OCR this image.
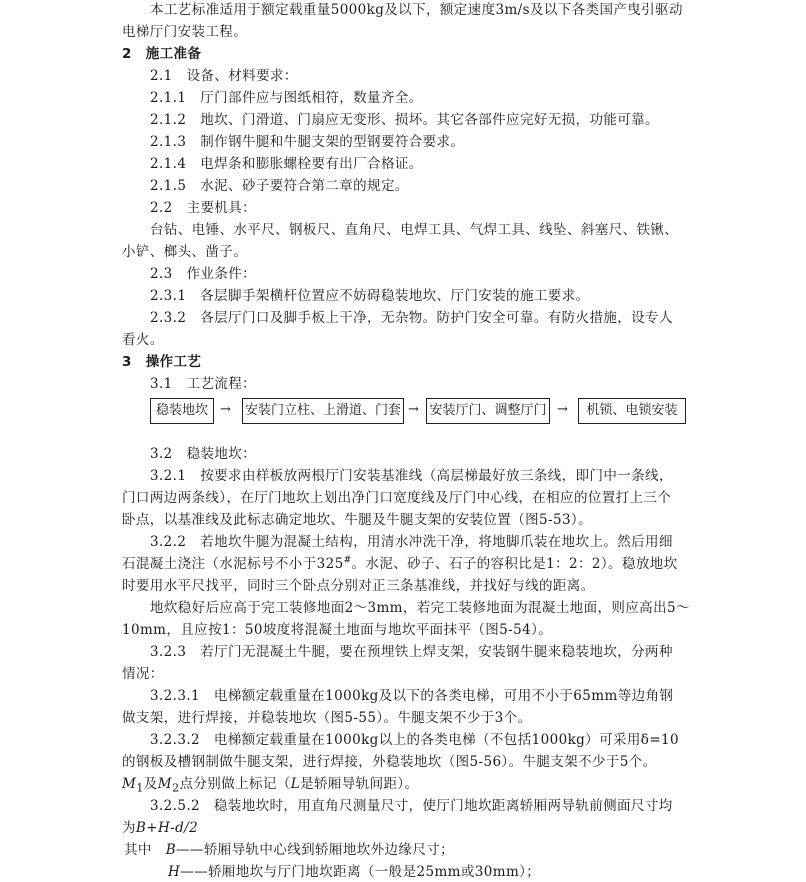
本工艺标准适用于额定载重量5000kg及以下，额定速度3m/s及以下各类国产曳引驱动
电梯厅门安装工程。
2　施工准备
2.1　设备、材料要求：
2.1.1　厅门部件应与图纸相符，数量齐全。
2.1.2　地坎、门滑道、门扇应无变形、损坏。其它各部件应完好无损，功能可靠。
2.1.3　制作钢牛腿和牛腿支架的型钢要符合要求。
2.1.4　电焊条和膨胀螺栓要有出厂合格证。
2.1.5　水泥、砂子要符合第二章的规定。
2.2　主要机具：
台钻、电锤、水平尺、钢板尺、直角尺、电焊工具、气焊工具、线坠、斜塞尺、铁锹、
小铲、榔头、凿子。
2.3　作业条件：
2.3.1　各层脚手架横杆位置应不妨碍稳装地坎、厅门安装的施工要求。
2.3.2　各层厅门口及脚手板上干净，无杂物。防护门安全可靠。有防火措施，设专人
看火。
3　操作工艺
3.1　工艺流程：
稳装地坎 → 安装门立柱、上滑道、门套 → 安装厅门、调整厅门 →	机锁、电锁安装
3.2　稳装地坎：
3.2.1　按要求由样板放两根厅门安装基准线（高层梯最好放三条线，即门中一条线，
门口两边两条线），在厅门地坎上划出净门口宽度线及厅门中心线，在相应的位置打上三个
卧点，以基准线及此标志确定地坎、牛腿及牛腿支架的安装位置（图5-53）。
3.2.2　若地坎牛腿为混凝土结构，用清水冲洗干净，将地脚爪装在地坎上。然后用细
石混凝土浇注（水泥标号不小于325#。水泥、砂子、石子的容积比是1：2：2）。稳放地坎
时要用水平尺找平，同时三个卧点分别对正三条基准线，并找好与线的距离。
地炊稳好后应高于完工装修地面2～3mm，若完工装修地面为混凝土地面，则应高出5～
10mm，且应按1：50坡度将混凝土地面与地坎平面抹平（图5-54）。
3.2.3　若厅门无混凝土牛腿，要在预埋铁上焊支架，安装钢牛腿来稳装地坎，分两种
情况：
3.2.3.1　电梯额定载重量在1000kg及以下的各类电梯，可用不小于65mm等边角钢
做支架，进行焊接，并稳装地坎（图5-55）。牛腿支架不少于3个。
3.2.3.2　电梯额定载重量在1000kg以上的各类电梯（不包括1000kg）可采用δ=10
的钢板及槽钢制做牛腿支架，进行焊接，外稳装地坎（图5-56）。牛腿支架不少于5个。
$M_1$及$M_2$点分别做上标记（L是轿厢导轨间距）。
3.2.5.2　稳装地坎时，用直角尺测量尺寸，使厅门地坎距离轿厢两导轨前侧面尺寸均
为B+H-d/2
其中　B——轿厢导轨中心线到轿厢地坎外边缘尺寸；
H——轿厢地坎与厅门地坎距离（一般是25mm或30mm）；
